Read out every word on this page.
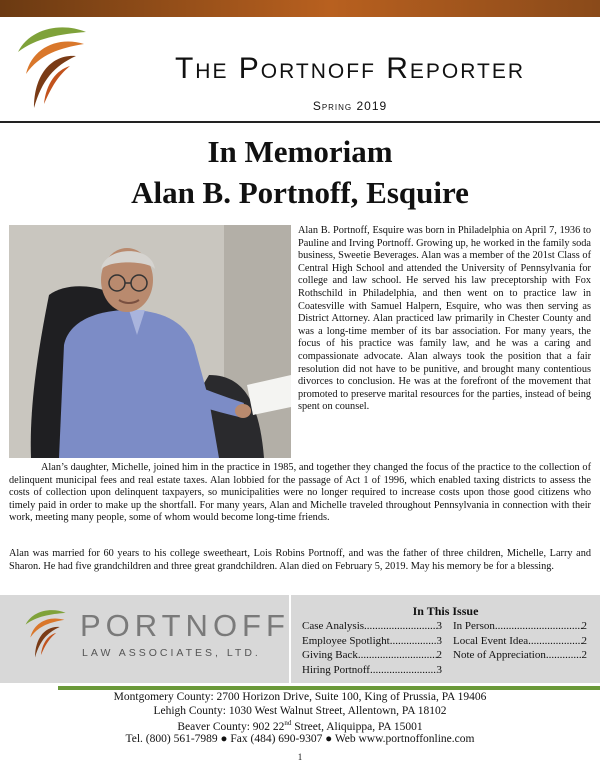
The Portnoff Reporter
Spring 2019
In Memoriam
Alan B. Portnoff, Esquire

Alan B. Portnoff, Esquire was born in Philadelphia on April 7, 1936 to Pauline and Irving Portnoff. Growing up, he worked in the family soda business, Sweetie Beverages. Alan was a member of the 201st Class of Central High School and attended the University of Pennsylvania for college and law school. He served his law preceptorship with Fox Rothschild in Philadelphia, and then went on to practice law in Coatesville with Samuel Halpern, Esquire, who was then serving as District Attorney. Alan practiced law primarily in Chester County and was a long-time member of its bar association. For many years, the focus of his practice was family law, and he was a caring and compassionate advocate. Alan always took the position that a fair resolution did not have to be punitive, and brought many contentious divorces to conclusion. He was at the forefront of the movement that promoted to preserve marital resources for the parties, instead of being spent on counsel.

Alan’s daughter, Michelle, joined him in the practice in 1985, and together they changed the focus of the practice to the collection of delinquent municipal fees and real estate taxes. Alan lobbied for the passage of Act 1 of 1996, which enabled taxing districts to assess the costs of collection upon delinquent taxpayers, so municipalities were no longer required to increase costs upon those good citizens who timely paid in order to make up the shortfall. For many years, Alan and Michelle traveled throughout Pennsylvania in connection with their work, meeting many people, some of whom would become long-time friends.

Alan was married for 60 years to his college sweetheart, Lois Robins Portnoff, and was the father of three children, Michelle, Larry and Sharon. He had five grandchildren and three great grandchildren. Alan died on February 5, 2019. May his memory be for a blessing.

PORTNOFF
LAW ASSOCIATES, LTD.
In This Issue
Case Analysis .....	3
Employee Spotlight .....	3
Giving Back .....	2
Hiring Portnoff .....	3
In Person .....	2
Local Event Idea .....	2
Note of Appreciation .....	2
Montgomery County: 2700 Horizon Drive, Suite 100, King of Prussia, PA 19406
Lehigh County: 1030 West Walnut Street, Allentown, PA 18102
Beaver County: 902 22nd Street, Aliquippa, PA 15001
Tel. (800) 561-7989 ● Fax (484) 690-9307 ● Web www.portnoffonline.com
1
